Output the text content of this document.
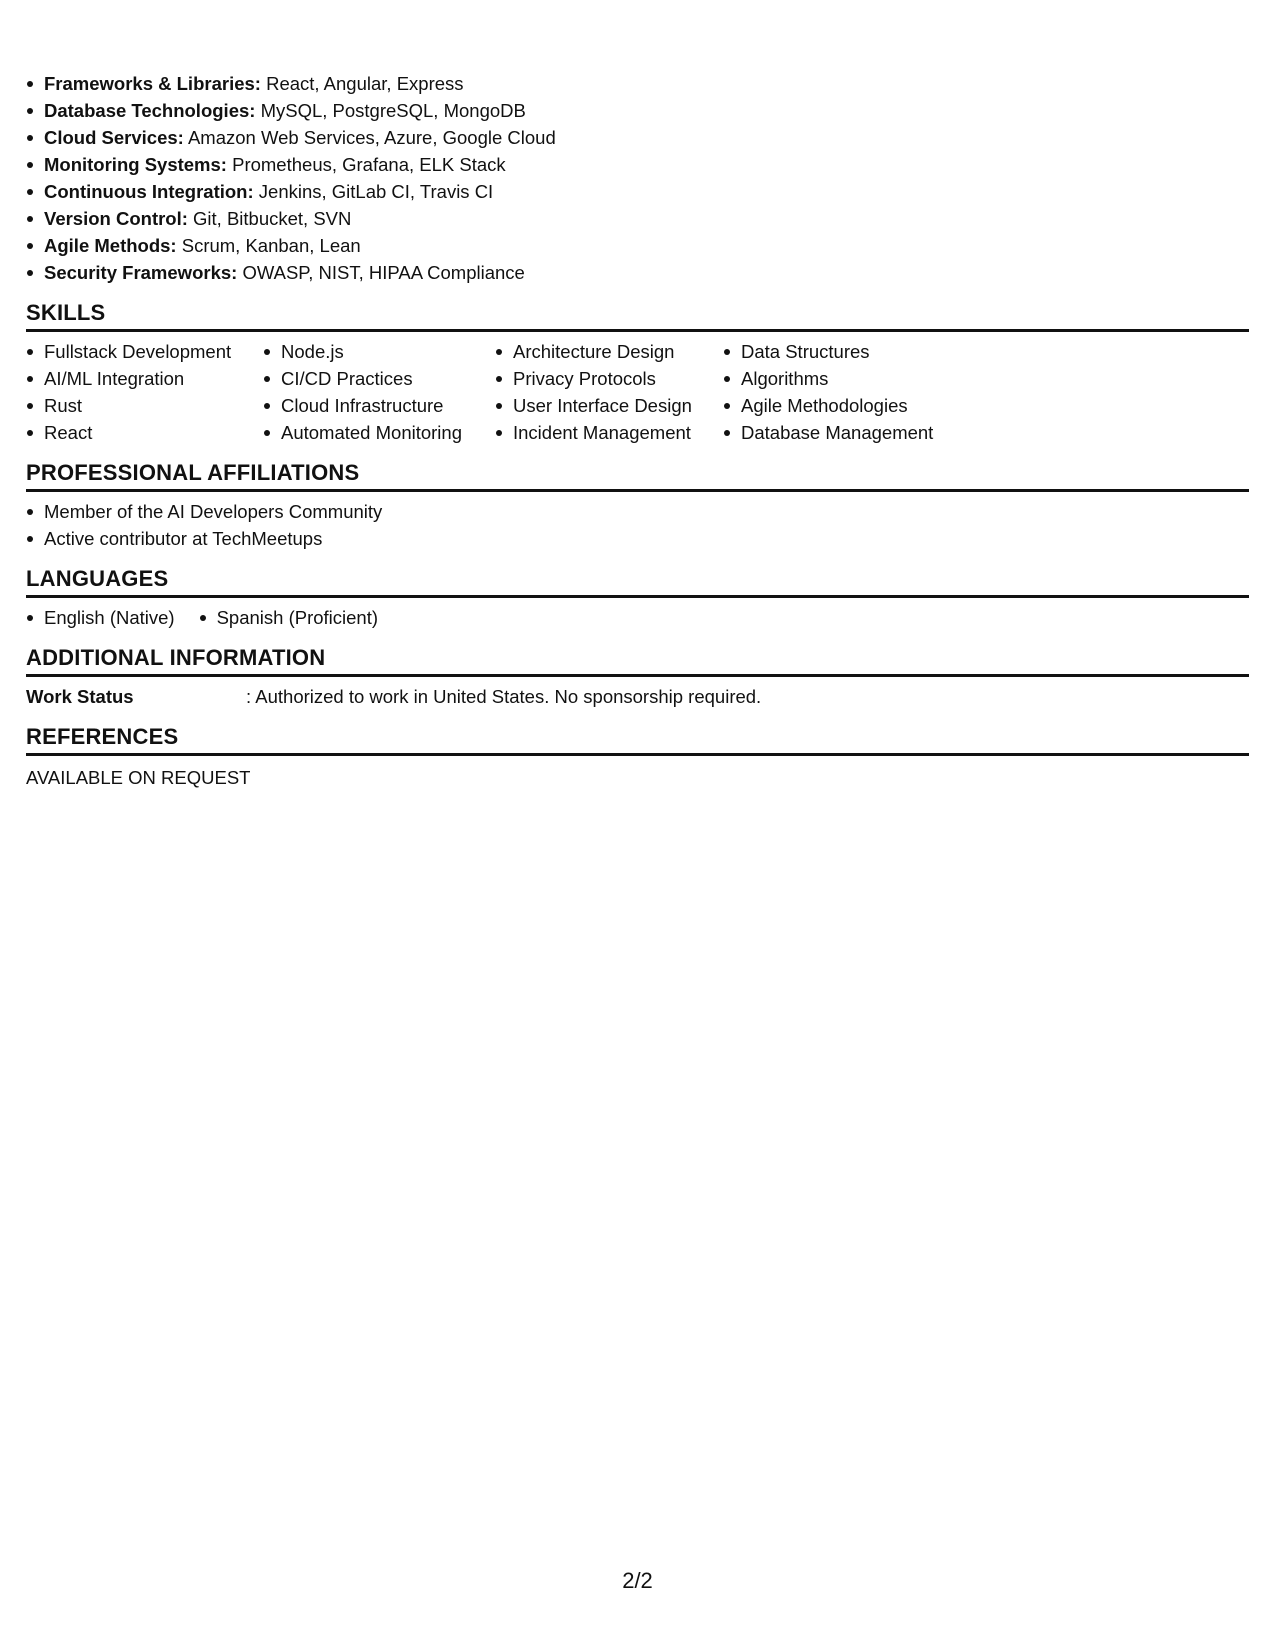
Frameworks & Libraries: React, Angular, Express
Database Technologies: MySQL, PostgreSQL, MongoDB
Cloud Services: Amazon Web Services, Azure, Google Cloud
Monitoring Systems: Prometheus, Grafana, ELK Stack
Continuous Integration: Jenkins, GitLab CI, Travis CI
Version Control: Git, Bitbucket, SVN
Agile Methods: Scrum, Kanban, Lean
Security Frameworks: OWASP, NIST, HIPAA Compliance
SKILLS
Fullstack Development
AI/ML Integration
Rust
React
Node.js
CI/CD Practices
Cloud Infrastructure
Automated Monitoring
Architecture Design
Privacy Protocols
User Interface Design
Incident Management
Data Structures
Algorithms
Agile Methodologies
Database Management
PROFESSIONAL AFFILIATIONS
Member of the AI Developers Community
Active contributor at TechMeetups
LANGUAGES
English (Native)	Spanish (Proficient)
ADDITIONAL INFORMATION
Work Status	: Authorized to work in United States. No sponsorship required.
REFERENCES
AVAILABLE ON REQUEST
2/2
